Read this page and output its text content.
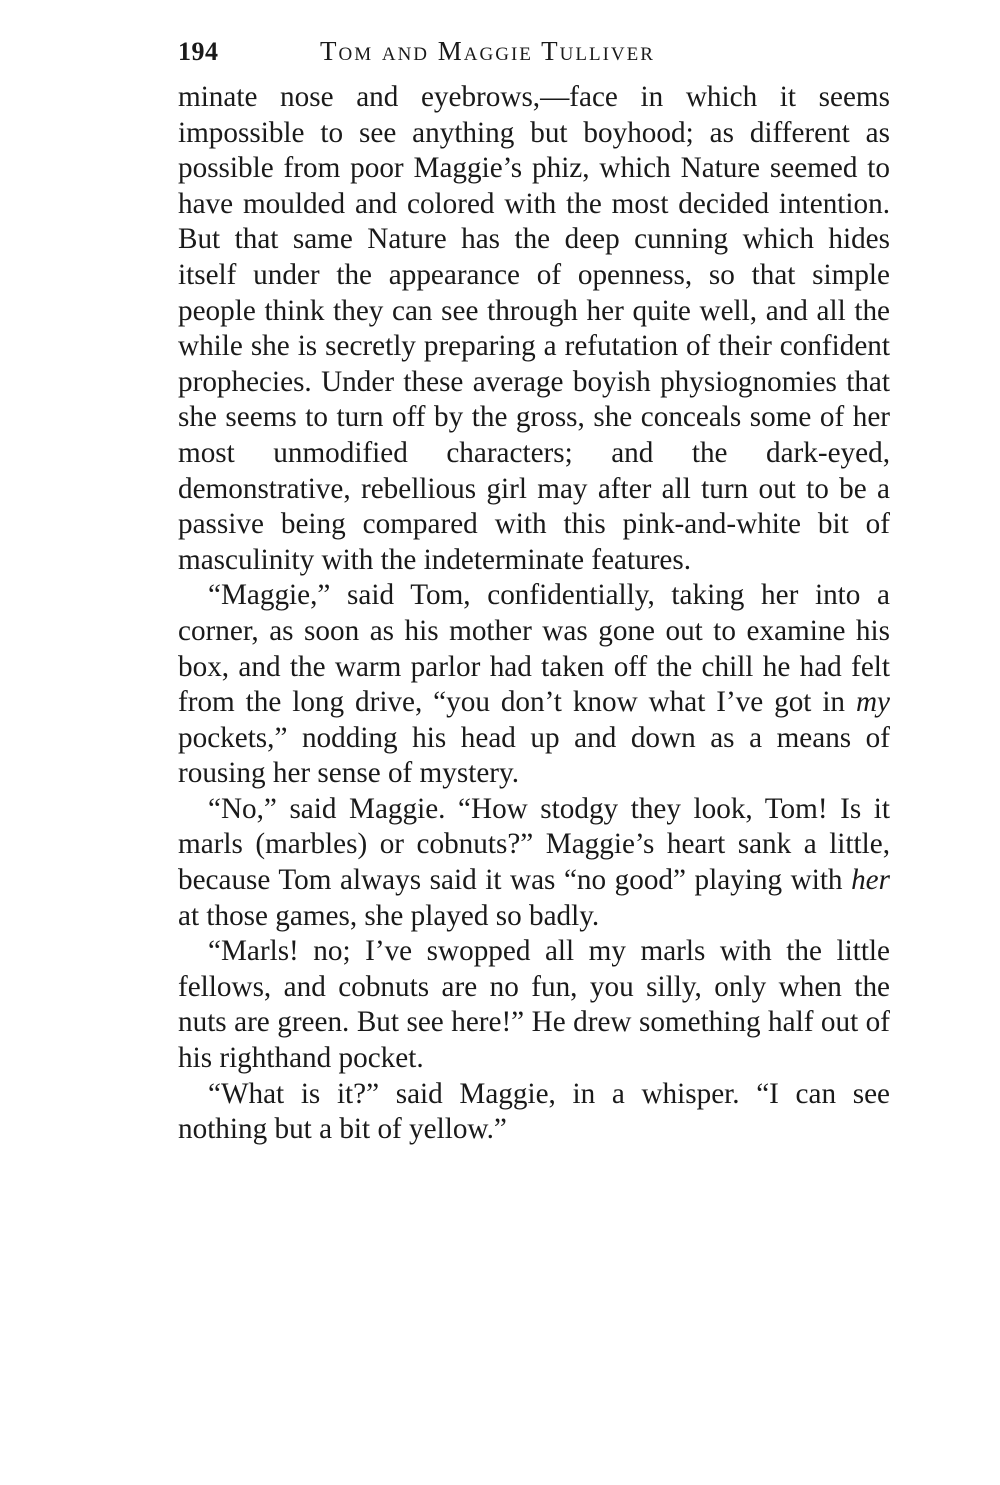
194	Tom and Maggie Tulliver

minate nose and eyebrows,—face in which it seems impossible to see anything but boyhood; as different as possible from poor Maggie’s phiz, which Nature seemed to have moulded and colored with the most decided intention. But that same Nature has the deep cunning which hides itself under the appearance of openness, so that simple people think they can see through her quite well, and all the while she is secretly preparing a refutation of their confident prophecies. Under these average boyish physiognomies that she seems to turn off by the gross, she conceals some of her most unmodified characters; and the dark-eyed, demonstrative, rebellious girl may after all turn out to be a passive being compared with this pink-and-white bit of masculinity with the indeterminate features.

“Maggie,” said Tom, confidentially, taking her into a corner, as soon as his mother was gone out to examine his box, and the warm parlor had taken off the chill he had felt from the long drive, “you don’t know what I’ve got in my pockets,” nodding his head up and down as a means of rousing her sense of mystery.

“No,” said Maggie. “How stodgy they look, Tom! Is it marls (marbles) or cobnuts?” Maggie’s heart sank a little, because Tom always said it was “no good” playing with her at those games, she played so badly.

“Marls! no; I’ve swopped all my marls with the little fellows, and cobnuts are no fun, you silly, only when the nuts are green. But see here!” He drew something half out of his righthand pocket.

“What is it?” said Maggie, in a whisper. “I can see nothing but a bit of yellow.”
